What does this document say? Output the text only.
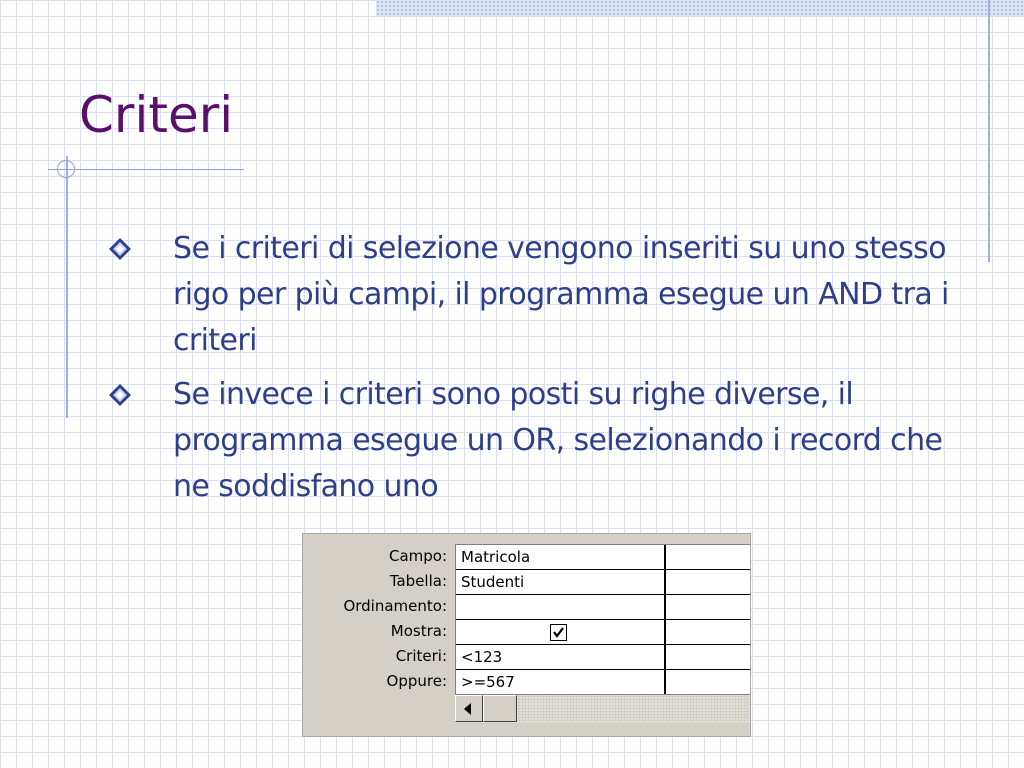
Criteri
Se i criteri di selezione vengono inseriti su uno stesso rigo per più campi, il programma esegue un AND tra i criteri
Se invece i criteri sono posti su righe diverse, il programma esegue un OR, selezionando i record che ne soddisfano uno
Campo:
Tabella:
Ordinamento:
Mostra:
Criteri:
Oppure:
Matricola
Studenti
<123
>=567
